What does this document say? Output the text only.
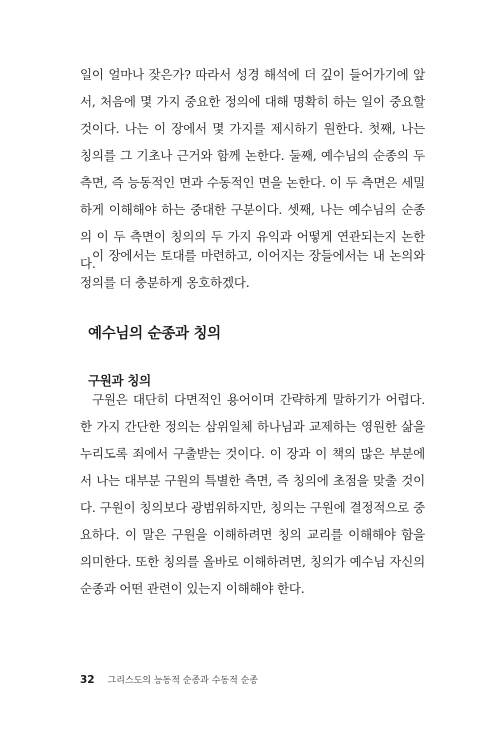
일이 얼마나 잦은가? 따라서 성경 해석에 더 깊이 들어가기에 앞서, 처음에 몇 가지 중요한 정의에 대해 명확히 하는 일이 중요할 것이다. 나는 이 장에서 몇 가지를 제시하기 원한다. 첫째, 나는 칭의를 그 기초나 근거와 함께 논한다. 둘째, 예수님의 순종의 두 측면, 즉 능동적인 면과 수동적인 면을 논한다. 이 두 측면은 세밀하게 이해해야 하는 중대한 구분이다. 셋째, 나는 예수님의 순종의 이 두 측면이 칭의의 두 가지 유익과 어떻게 연관되는지 논한다.

이 장에서는 토대를 마련하고, 이어지는 장들에서는 내 논의와 정의를 더 충분하게 옹호하겠다.

예수님의 순종과 칭의
구원과 칭의

구원은 대단히 다면적인 용어이며 간략하게 말하기가 어렵다. 한 가지 간단한 정의는 삼위일체 하나님과 교제하는 영원한 삶을 누리도록 죄에서 구출받는 것이다. 이 장과 이 책의 많은 부분에서 나는 대부분 구원의 특별한 측면, 즉 칭의에 초점을 맞출 것이다. 구원이 칭의보다 광범위하지만, 칭의는 구원에 결정적으로 중요하다. 이 말은 구원을 이해하려면 칭의 교리를 이해해야 함을 의미한다. 또한 칭의를 올바로 이해하려면, 칭의가 예수님 자신의 순종과 어떤 관련이 있는지 이해해야 한다.

32 그리스도의 능동적 순종과 수동적 순종
